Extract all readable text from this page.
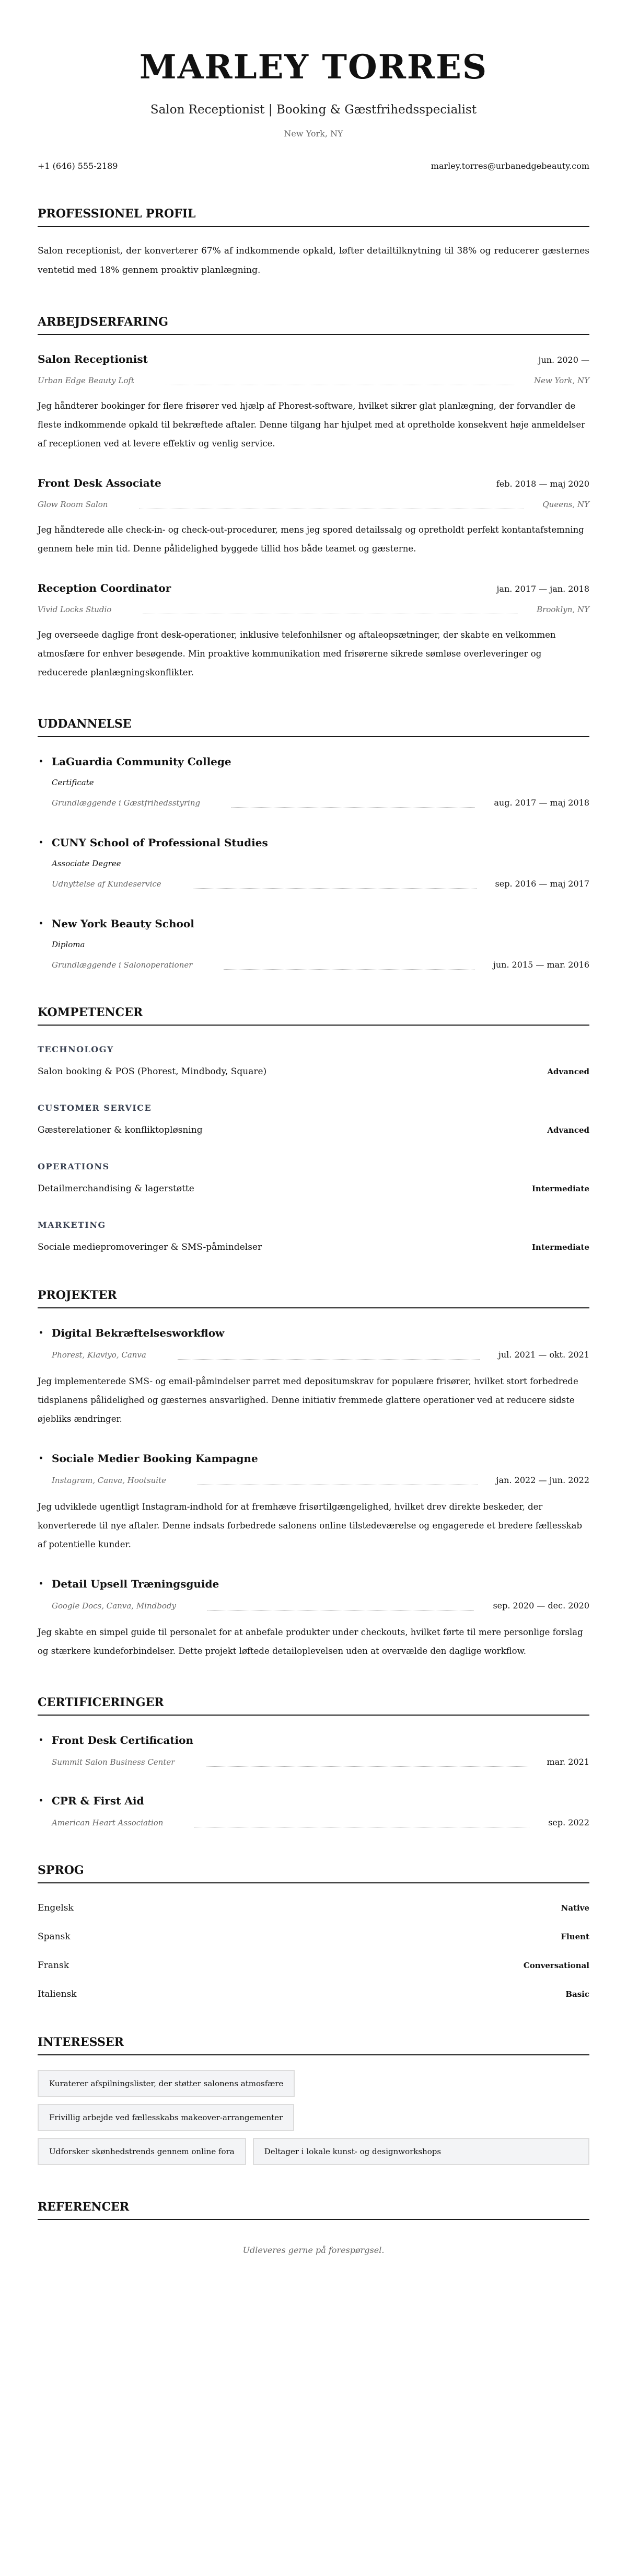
MARLEY TORRES
Salon Receptionist | Booking & Gæstfrihedsspecialist
New York, NY
+1 (646) 555-2189	marley.torres@urbanedgebeauty.com
PROFESSIONEL PROFIL

Salon receptionist, der konverterer 67% af indkommende opkald, løfter detailtilknytning til 38% og reducerer gæsternes ventetid med 18% gennem proaktiv planlægning.

ARBEJDSERFARING
Salon Receptionist	jun. 2020 —
Urban Edge Beauty Loft	New York, NY

Jeg håndterer bookinger for flere frisører ved hjælp af Phorest-software, hvilket sikrer glat planlægning, der forvandler de fleste indkommende opkald til bekræftede aftaler. Denne tilgang har hjulpet med at opretholde konsekvent høje anmeldelser af receptionen ved at levere effektiv og venlig service.

Front Desk Associate	feb. 2018 — maj 2020
Glow Room Salon	Queens, NY

Jeg håndterede alle check-in- og check-out-procedurer, mens jeg spored detailssalg og opretholdt perfekt kontantafstemning gennem hele min tid. Denne pålidelighed byggede tillid hos både teamet og gæsterne.

Reception Coordinator	jan. 2017 — jan. 2018
Vivid Locks Studio	Brooklyn, NY

Jeg overseede daglige front desk-operationer, inklusive telefonhilsner og aftaleopsætninger, der skabte en velkommen atmosfære for enhver besøgende. Min proaktive kommunikation med frisørerne sikrede sømløse overleveringer og reducerede planlægningskonflikter.

UDDANNELSE
• LaGuardia Community College
Certificate
Grundlæggende i Gæstfrihedsstyring	aug. 2017 — maj 2018
• CUNY School of Professional Studies
Associate Degree
Udnyttelse af Kundeservice	sep. 2016 — maj 2017
• New York Beauty School
Diploma
Grundlæggende i Salonoperationer	jun. 2015 — mar. 2016
KOMPETENCER
TECHNOLOGY
Salon booking & POS (Phorest, Mindbody, Square)	Advanced
CUSTOMER SERVICE
Gæsterelationer & konfliktopløsning	Advanced
OPERATIONS
Detailmerchandising & lagerstøtte	Intermediate
MARKETING
Sociale mediepromoveringer & SMS-påmindelser	Intermediate
PROJEKTER
• Digital Bekræftelsesworkflow
Phorest, Klaviyo, Canva	jul. 2021 — okt. 2021

Jeg implementerede SMS- og email-påmindelser parret med depositumskrav for populære frisører, hvilket stort forbedrede tidsplanens pålidelighed og gæsternes ansvarlighed. Denne initiativ fremmede glattere operationer ved at reducere sidste øjebliks ændringer.

• Sociale Medier Booking Kampagne
Instagram, Canva, Hootsuite	jan. 2022 — jun. 2022

Jeg udviklede ugentligt Instagram-indhold for at fremhæve frisørtilgængelighed, hvilket drev direkte beskeder, der konverterede til nye aftaler. Denne indsats forbedrede salonens online tilstedeværelse og engagerede et bredere fællesskab af potentielle kunder.

• Detail Upsell Træningsguide
Google Docs, Canva, Mindbody	sep. 2020 — dec. 2020

Jeg skabte en simpel guide til personalet for at anbefale produkter under checkouts, hvilket førte til mere personlige forslag og stærkere kundeforbindelser. Dette projekt løftede detailoplevelsen uden at overvælde den daglige workflow.

CERTIFICERINGER
• Front Desk Certification
Summit Salon Business Center	mar. 2021
• CPR & First Aid
American Heart Association	sep. 2022
SPROG
Engelsk	Native
Spansk	Fluent
Fransk	Conversational
Italiensk	Basic
INTERESSER
Kuraterer afspilningslister, der støtter salonens atmosfære
Frivillig arbejde ved fællesskabs makeover-arrangementer
Udforsker skønhedstrends gennem online fora	Deltager i lokale kunst- og designworkshops
REFERENCER

Udleveres gerne på forespørgsel.
